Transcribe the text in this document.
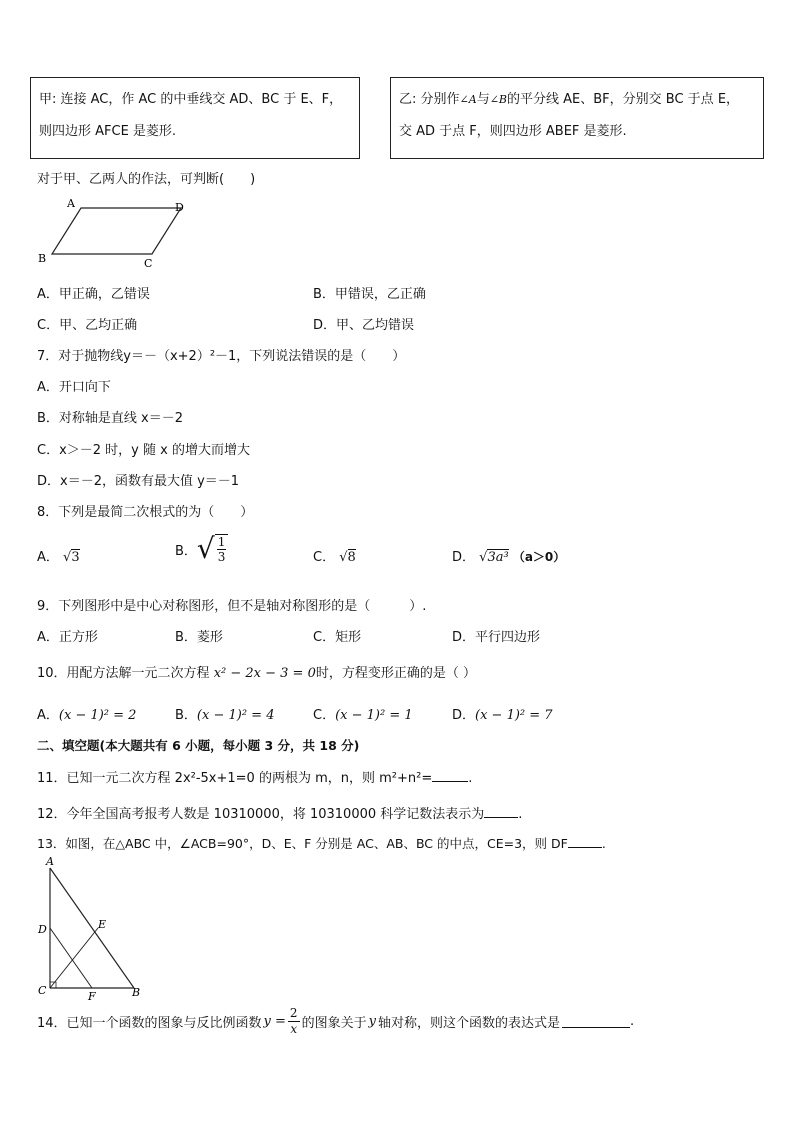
甲: 连接 AC，作 AC 的中垂线交 AD、BC 于 E、F，
则四边形 AFCE 是菱形.
乙: 分别作∠A与∠B的平分线 AE、BF，分别交 BC 于点 E，
交 AD 于点 F，则四边形 ABEF 是菱形.
对于甲、乙两人的作法，可判断(　　)
A	D
B	C
A．甲正确，乙错误	B．甲错误，乙正确
C．甲、乙均正确	D．甲、乙均错误
7．对于抛物线y＝－（x+2）²－1，下列说法错误的是（　　）
A．开口向下
B．对称轴是直线 x＝－2
C．x＞－2 时，y 随 x 的增大而增大
D．x＝－2，函数有最大值 y＝－1
8．下列是最简二次根式的为（　　）
A． √3	B． √ 1
3	C． √8	D． √3a³ （a＞0）
9．下列图形中是中心对称图形，但不是轴对称图形的是（　　　）.
A．正方形	B．菱形	C．矩形	D．平行四边形
10．用配方法解一元二次方程 x² − 2x − 3 = 0时，方程变形正确的是（ ）
A．(x − 1)² = 2	B．(x − 1)² = 4	C．(x − 1)² = 1	D．(x − 1)² = 7
二、填空题(本大题共有 6 小题，每小题 3 分，共 18 分)
11．已知一元二次方程 2x²-5x+1=0 的两根为 m，n，则 m²+n²=	.
12．今年全国高考报考人数是 10310000，将 10310000 科学记数法表示为	.
13．如图，在△ABC 中，∠ACB=90°，D、E、F 分别是 AC、AB、BC 的中点，CE=3，则 DF	.
A
D	E
C	F	B
14．已知一个函数的图象与反比例函数 $y = \frac{2}{x}$ 的图象关于 y 轴对称，则这个函数的表达式是	.
